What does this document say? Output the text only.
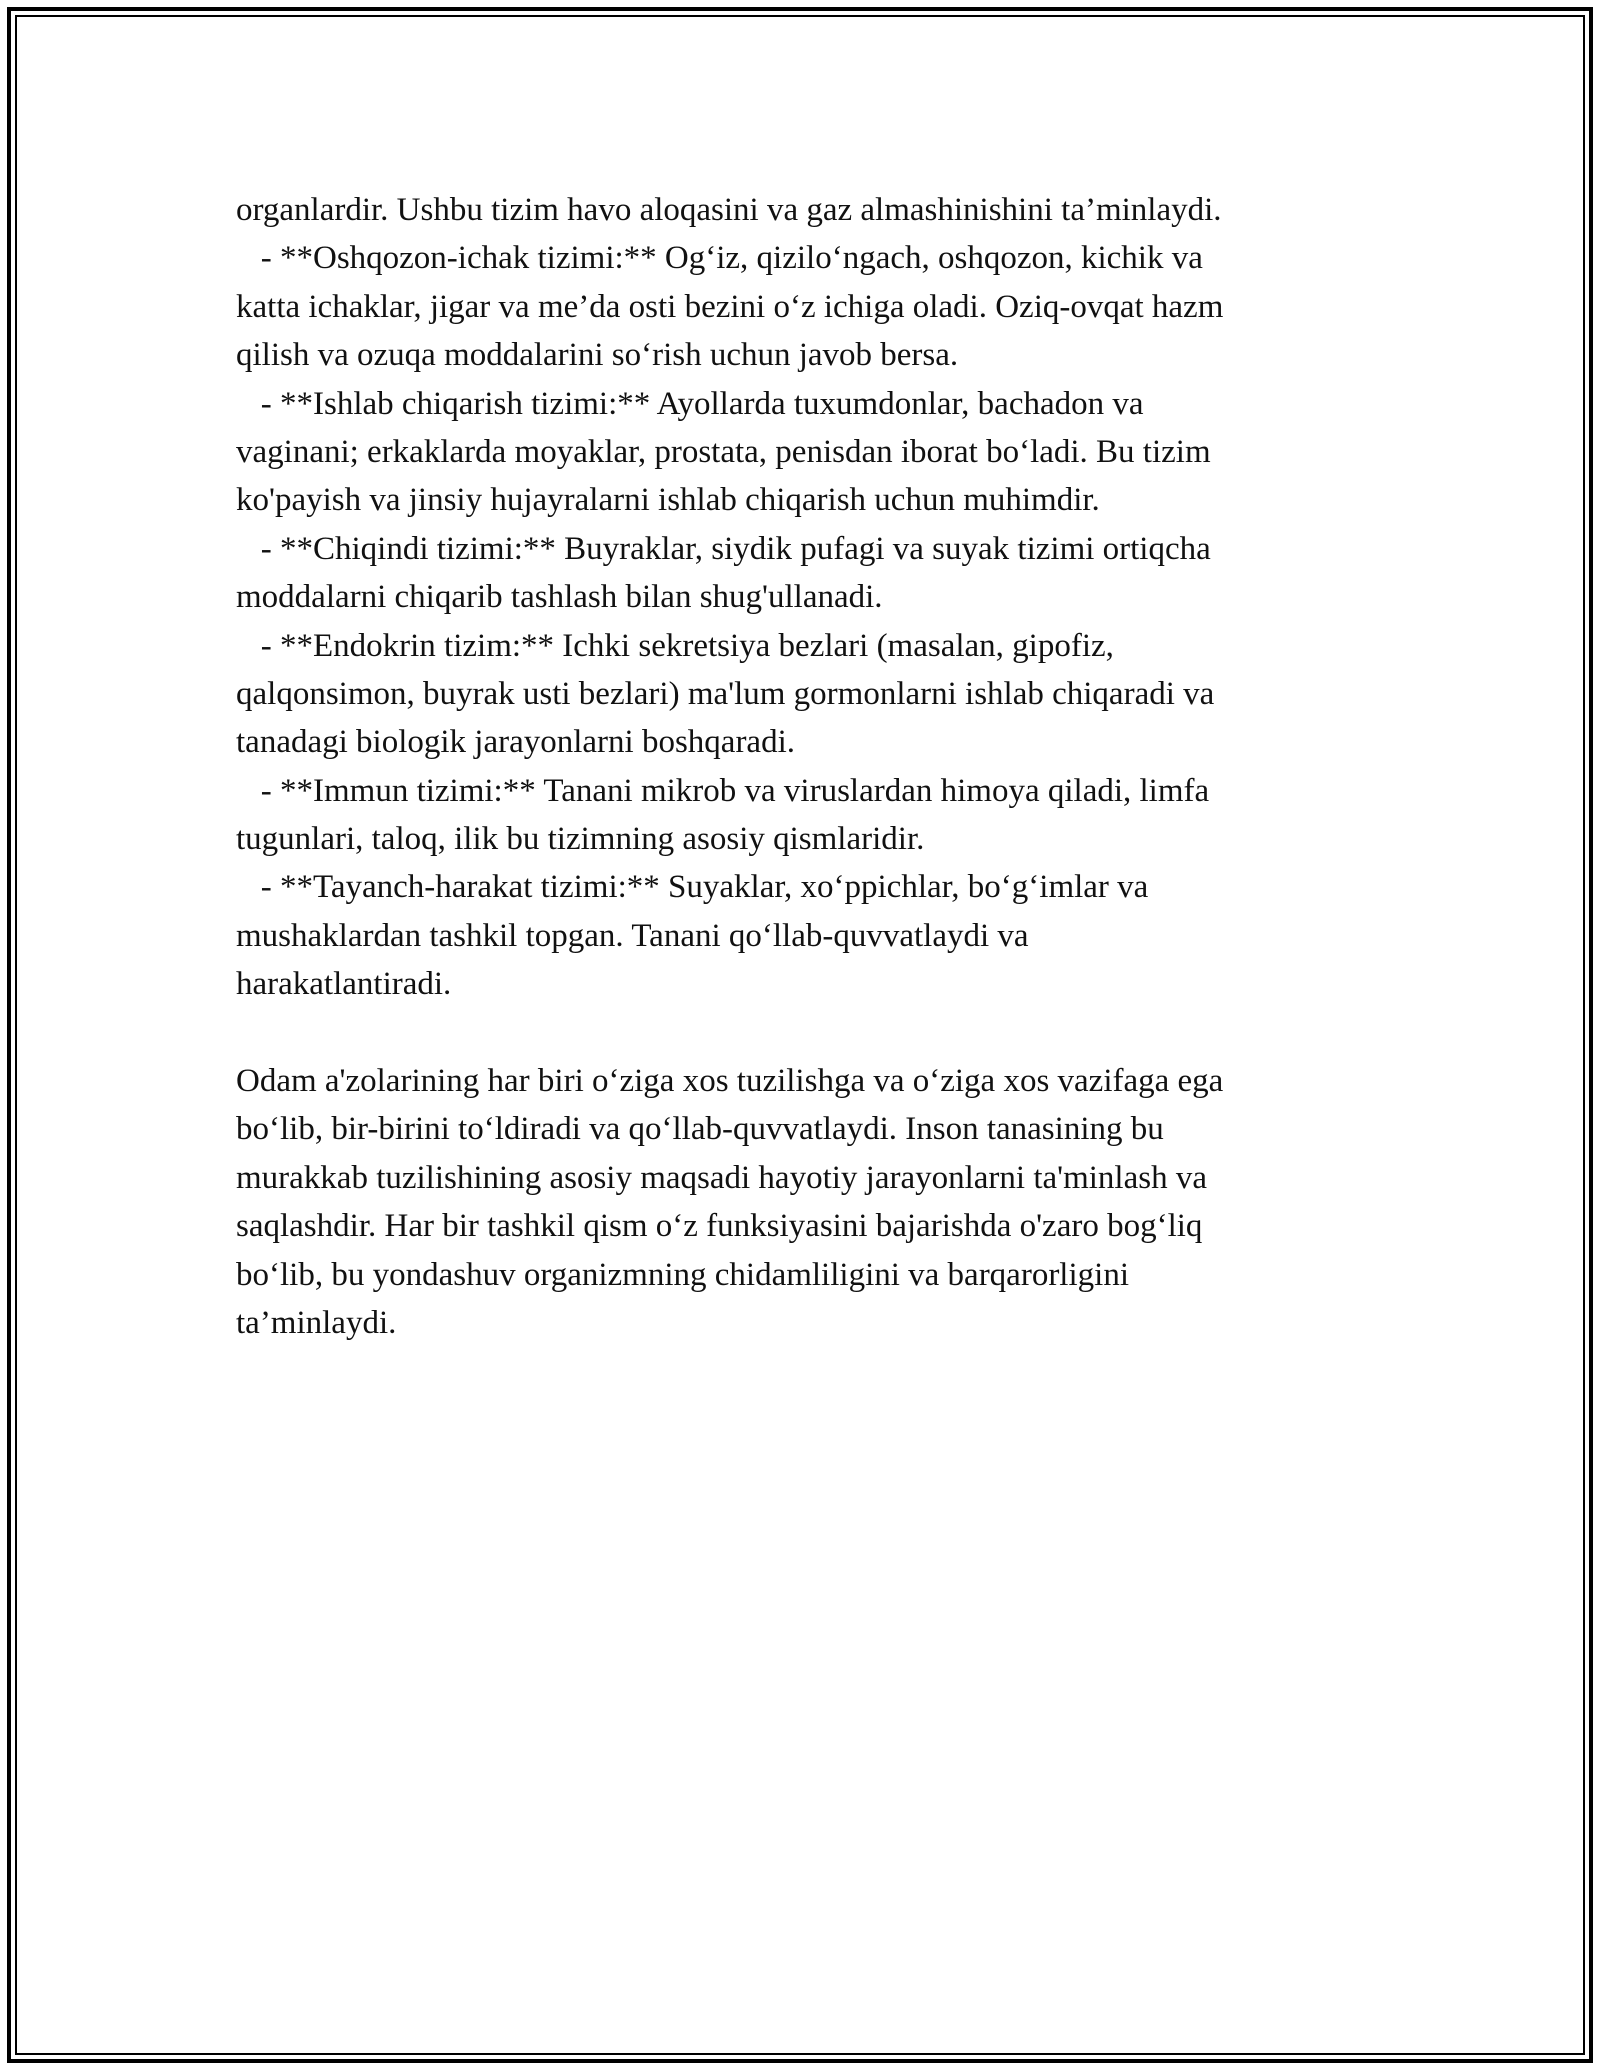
organlardir. Ushbu tizim havo aloqasini va gaz almashinishini ta’minlaydi.
- **Oshqozon-ichak tizimi:** Og‘iz, qizilo‘ngach, oshqozon, kichik va
katta ichaklar, jigar va me’da osti bezini o‘z ichiga oladi. Oziq-ovqat hazm
qilish va ozuqa moddalarini so‘rish uchun javob bersa.
- **Ishlab chiqarish tizimi:** Ayollarda tuxumdonlar, bachadon va
vaginani; erkaklarda moyaklar, prostata, penisdan iborat bo‘ladi. Bu tizim
ko'payish va jinsiy hujayralarni ishlab chiqarish uchun muhimdir.
- **Chiqindi tizimi:** Buyraklar, siydik pufagi va suyak tizimi ortiqcha
moddalarni chiqarib tashlash bilan shug'ullanadi.
- **Endokrin tizim:** Ichki sekretsiya bezlari (masalan, gipofiz,
qalqonsimon, buyrak usti bezlari) ma'lum gormonlarni ishlab chiqaradi va
tanadagi biologik jarayonlarni boshqaradi.
- **Immun tizimi:** Tanani mikrob va viruslardan himoya qiladi, limfa
tugunlari, taloq, ilik bu tizimning asosiy qismlaridir.
- **Tayanch-harakat tizimi:** Suyaklar, xo‘ppichlar, bo‘g‘imlar va
mushaklardan tashkil topgan. Tanani qo‘llab-quvvatlaydi va
harakatlantiradi.
Odam a'zolarining har biri o‘ziga xos tuzilishga va o‘ziga xos vazifaga ega
bo‘lib, bir-birini to‘ldiradi va qo‘llab-quvvatlaydi. Inson tanasining bu
murakkab tuzilishining asosiy maqsadi hayotiy jarayonlarni ta'minlash va
saqlashdir. Har bir tashkil qism o‘z funksiyasini bajarishda o'zaro bog‘liq
bo‘lib, bu yondashuv organizmning chidamliligini va barqarorligini
ta’minlaydi.
